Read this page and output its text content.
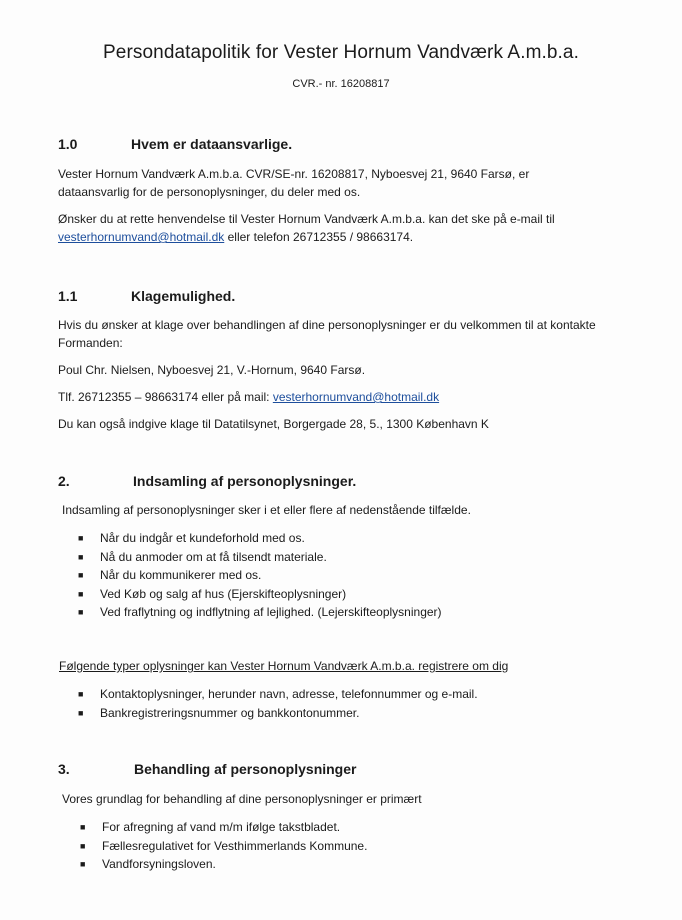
Persondatapolitik for Vester Hornum Vandværk A.m.b.a.
CVR.- nr. 16208817
1.0	Hvem er dataansvarlige.
Vester Hornum Vandværk A.m.b.a. CVR/SE-nr. 16208817, Nyboesvej 21, 9640 Farsø, er dataansvarlig for de personoplysninger, du deler med os.
Ønsker du at rette henvendelse til Vester Hornum Vandværk A.m.b.a. kan det ske på e-mail til
vesterhornumvand@hotmail.dk eller telefon 26712355 / 98663174.
1.1	Klagemulighed.
Hvis du ønsker at klage over behandlingen af dine personoplysninger er du velkommen til at kontakte Formanden:
Poul Chr. Nielsen, Nyboesvej 21, V.-Hornum, 9640 Farsø.
Tlf. 26712355 – 98663174 eller på mail: vesterhornumvand@hotmail.dk
Du kan også indgive klage til Datatilsynet, Borgergade 28, 5., 1300 København K
2.	Indsamling af personoplysninger.
Indsamling af personoplysninger sker i et eller flere af nedenstående tilfælde.
■ Når du indgår et kundeforhold med os.
■ Nå du anmoder om at få tilsendt materiale.
■ Når du kommunikerer med os.
■ Ved Køb og salg af hus (Ejerskifteoplysninger)
■ Ved fraflytning og indflytning af lejlighed. (Lejerskifteoplysninger)
Følgende typer oplysninger kan Vester Hornum Vandværk A.m.b.a. registrere om dig
■ Kontaktoplysninger, herunder navn, adresse, telefonnummer og e-mail.
■ Bankregistreringsnummer og bankkontonummer.
3.	Behandling af personoplysninger
Vores grundlag for behandling af dine personoplysninger er primært
■ For afregning af vand m/m ifølge takstbladet.
■ Fællesregulativet for Vesthimmerlands Kommune.
■ Vandforsyningsloven.
